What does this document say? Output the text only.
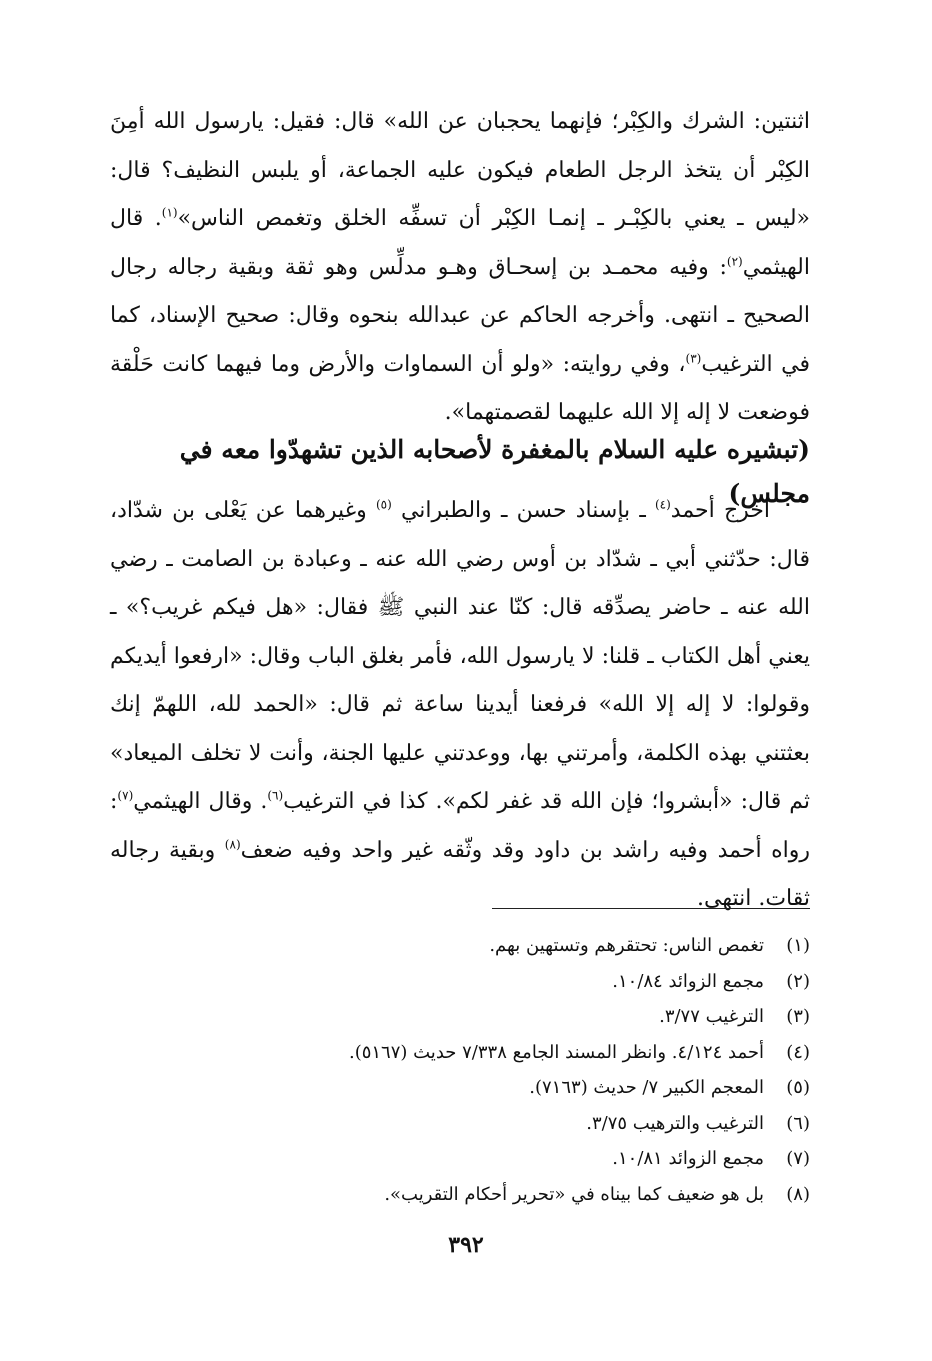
اثنتين: الشرك والكِبْر؛ فإنهما يحجبان عن الله» قال: فقيل: يارسول الله أمِنَ الكِبْر أن يتخذ الرجل الطعام فيكون عليه الجماعة، أو يلبس النظيف؟ قال: «ليس ـ يعني بالكِبْـر ـ إنمـا الكِبْر أن تسفِّه الخلق وتغمص الناس»$^{(١)}$. قال الهيثمي$^{(٢)}$: وفيه محمـد بن إسحـاق وهـو مدلِّس وهو ثقة وبقية رجاله رجال الصحيح ـ انتهى. وأخرجه الحاكم عن عبدالله بنحوه وقال: صحيح الإسناد، كما في الترغيب$^{(٣)}$، وفي روايته: «ولو أن السماوات والأرض وما فيهما كانت حَلْقة فوضعت لا إله إلا الله عليهما لقصمتهما».

(تبشيره عليه السلام بالمغفرة لأصحابه الذين تشهدّوا معه في مجلس)

اخرج أحمد$^{(٤)}$ ـ بإسناد حسن ـ والطبراني $^{(٥)}$ وغيرهما عن يَعْلى بن شدّاد، قال: حدّثني أبي ـ شدّاد بن أوس رضي الله عنه ـ وعبادة بن الصامت ـ رضي الله عنه ـ حاضر يصدِّقه قال: كنّا عند النبي ﷺ فقال: «هل فيكم غريب؟» ـ يعني أهل الكتاب ـ قلنا: لا يارسول الله، فأمر بغلق الباب وقال: «ارفعوا أيديكم وقولوا: لا إله إلا الله» فرفعنا أيدينا ساعة ثم قال: «الحمد لله، اللهمّ إنك بعثتني بهذه الكلمة، وأمرتني بها، ووعدتني عليها الجنة، وأنت لا تخلف الميعاد» ثم قال: «أبشروا؛ فإن الله قد غفر لكم». كذا في الترغيب$^{(٦)}$. وقال الهيثمي$^{(٧)}$: رواه أحمد وفيه راشد بن داود وقد وثّقه غير واحد وفيه ضعف$^{(٨)}$ وبقية رجاله ثقات. انتهى.

(١)تغمص الناس: تحتقرهم وتستهين بهم.
(٢)مجمع الزوائد ١٠/٨٤.
(٣)الترغيب ٣/٧٧.
(٤)أحمد ٤/١٢٤. وانظر المسند الجامع ٧/٣٣٨ حديث (٥١٦٧).
(٥)المعجم الكبير ٧/ حديث (٧١٦٣).
(٦)الترغيب والترهيب ٣/٧٥.
(٧)مجمع الزوائد ١٠/٨١.
(٨)بل هو ضعيف كما بيناه في «تحرير أحكام التقريب».
٣٩٢
